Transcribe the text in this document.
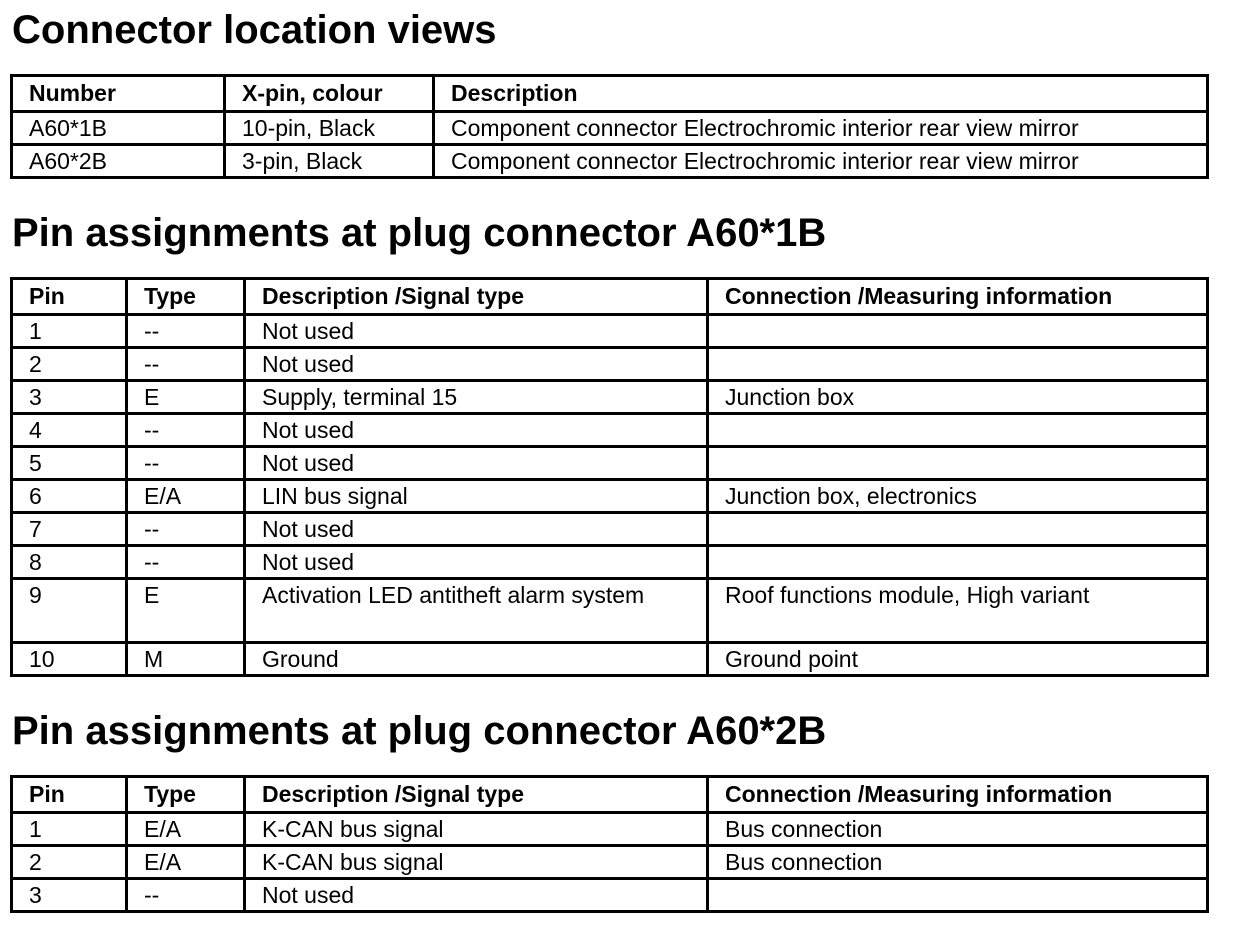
Connector location views
Number	X-pin, colour	Description
A60*1B	10-pin, Black	Component connector Electrochromic interior rear view mirror
A60*2B	3-pin, Black	Component connector Electrochromic interior rear view mirror
Pin assignments at plug connector A60*1B
Pin	Type	Description /Signal type	Connection /Measuring information
1	--	Not used	
2	--	Not used	
3	E	Supply, terminal 15	Junction box
4	--	Not used	
5	--	Not used	
6	E/A	LIN bus signal	Junction box, electronics
7	--	Not used	
8	--	Not used	
9	E	Activation LED antitheft alarm system	Roof functions module, High variant
10	M	Ground	Ground point
Pin assignments at plug connector A60*2B
Pin	Type	Description /Signal type	Connection /Measuring information
1	E/A	K-CAN bus signal	Bus connection
2	E/A	K-CAN bus signal	Bus connection
3	--	Not used	
